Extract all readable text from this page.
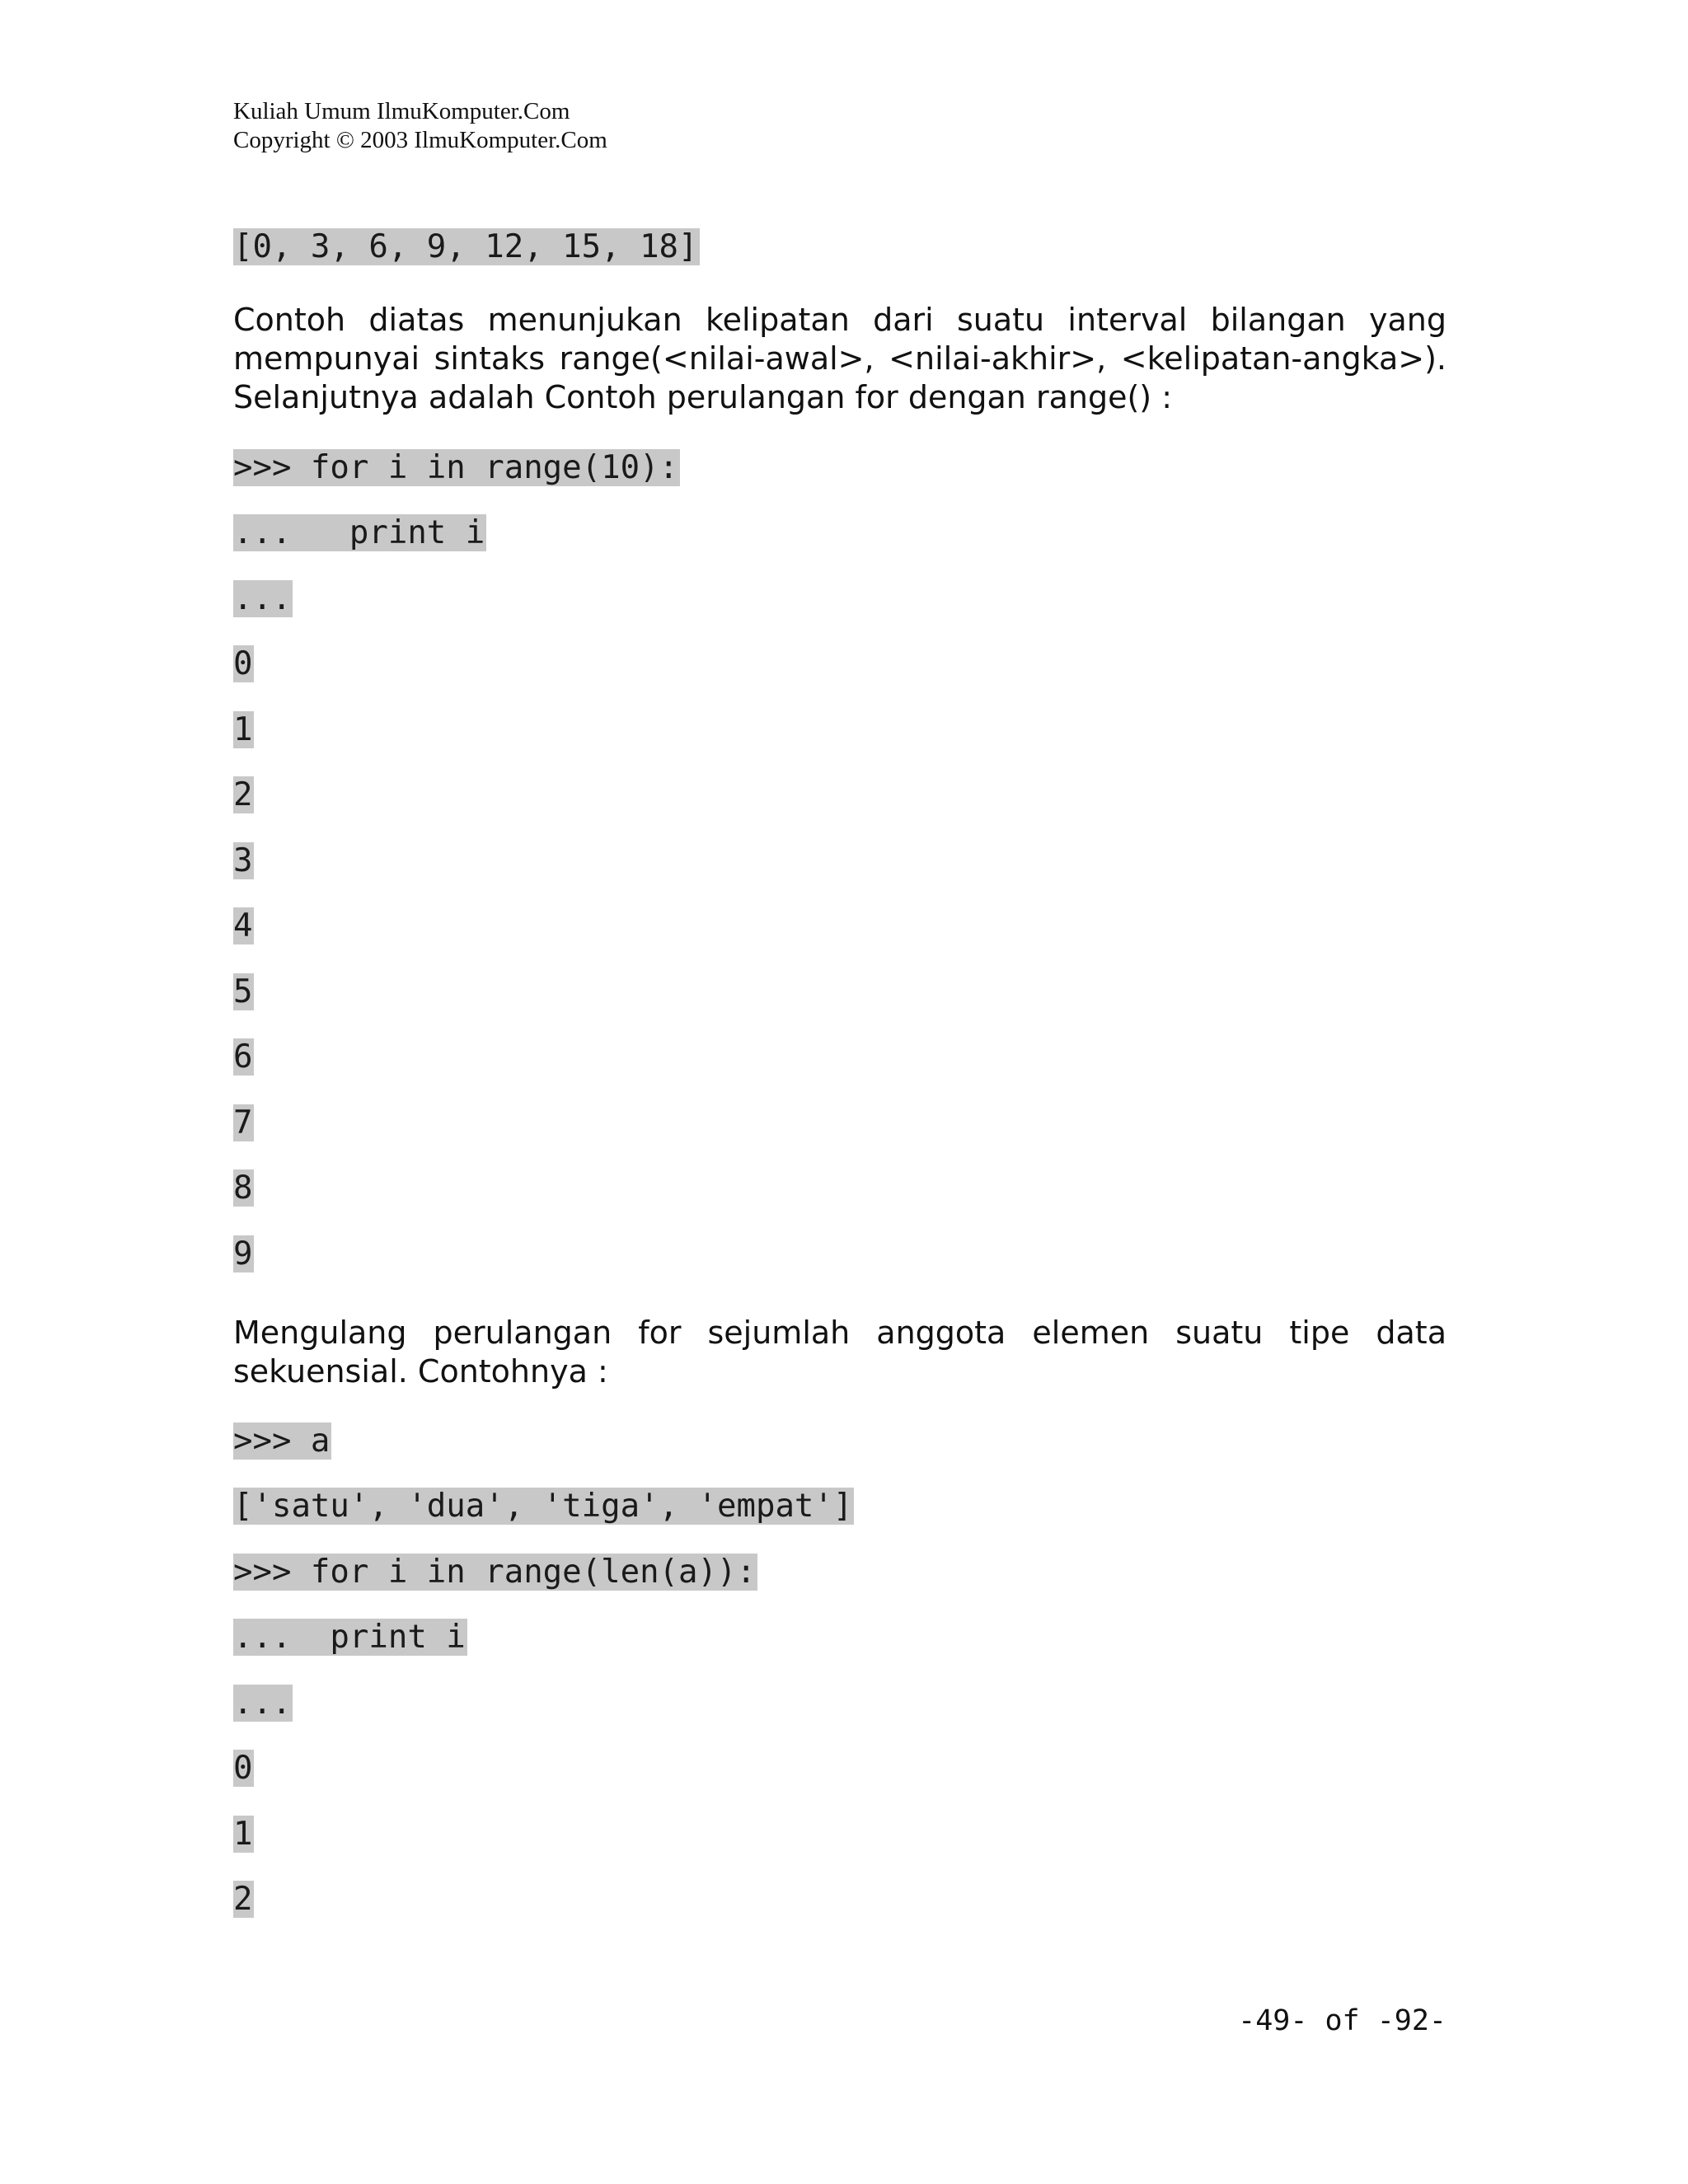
Kuliah Umum IlmuKomputer.Com
Copyright © 2003 IlmuKomputer.Com
[0, 3, 6, 9, 12, 15, 18]
Contoh diatas menunjukan kelipatan dari suatu interval bilangan yang mempunyai sintaks range(<nilai-awal>, <nilai-akhir>, <kelipatan-angka>). Selanjutnya adalah Contoh perulangan for dengan range() :
>>> for i in range(10):
...   print i
...
0
1
2
3
4
5
6
7
8
9
Mengulang perulangan for sejumlah anggota elemen suatu tipe data sekuensial. Contohnya :
>>> a
['satu', 'dua', 'tiga', 'empat']
>>> for i in range(len(a)):
...  print i
...
0
1
2
-49- of -92-
